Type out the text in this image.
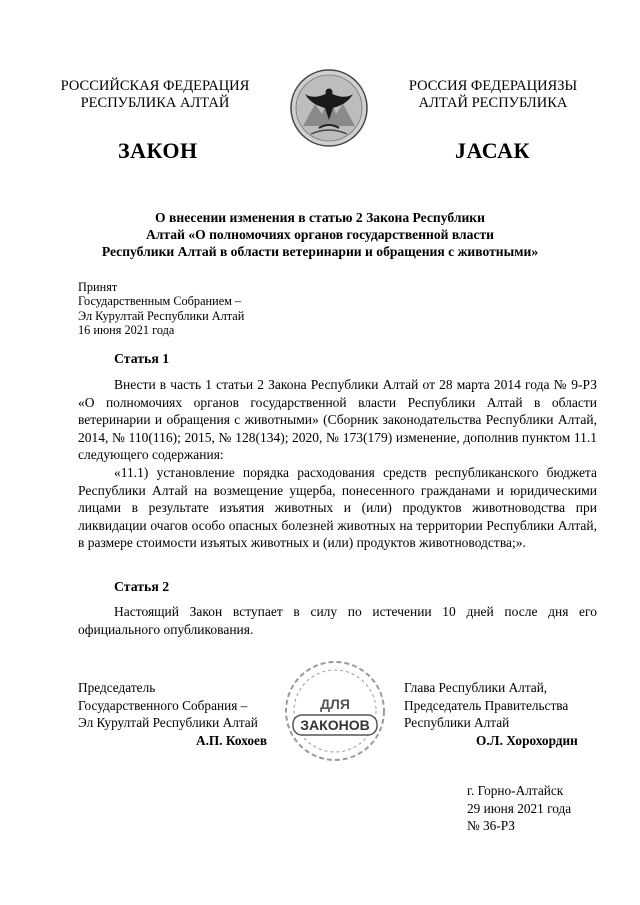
РОССИЙСКАЯ ФЕДЕРАЦИЯ
РЕСПУБЛИКА АЛТАЙ
РОССИЯ ФЕДЕРАЦИЯЗЫ
АЛТАЙ РЕСПУБЛИКА
ЗАКОН	JАСАК
О внесении изменения в статью 2 Закона Республики
Алтай «О полномочиях органов государственной власти
Республики Алтай в области ветеринарии и обращения с животными»
Принят
Государственным Собранием –
Эл Курултай Республики Алтай
16 июня 2021 года
Статья 1
Внести в часть 1 статьи 2 Закона Республики Алтай от 28 марта 2014 года № 9-РЗ «О полномочиях органов государственной власти Республики Алтай в области ветеринарии и обращения с животными» (Сборник законодательства Республики Алтай, 2014, № 110(116); 2015, № 128(134); 2020, № 173(179) изменение, дополнив пунктом 11.1 следующего содержания:
«11.1) установление порядка расходования средств республиканского бюджета Республики Алтай на возмещение ущерба, понесенного гражданами и юридическими лицами в результате изъятия животных и (или) продуктов животноводства при ликвидации очагов особо опасных болезней животных на территории Республики Алтай, в размере стоимости изъятых животных и (или) продуктов животноводства;».
Статья 2
Настоящий Закон вступает в силу по истечении 10 дней после дня его официального опубликования.
ДЛЯ
ЗАКОНОВ
Председатель
Государственного Собрания –
Эл Курултай Республики Алтай
А.П. Кохоев
Глава Республики Алтай,
Председатель Правительства
Республики Алтай
О.Л. Хорохордин
г. Горно-Алтайск
29 июня 2021 года
№ 36-РЗ
